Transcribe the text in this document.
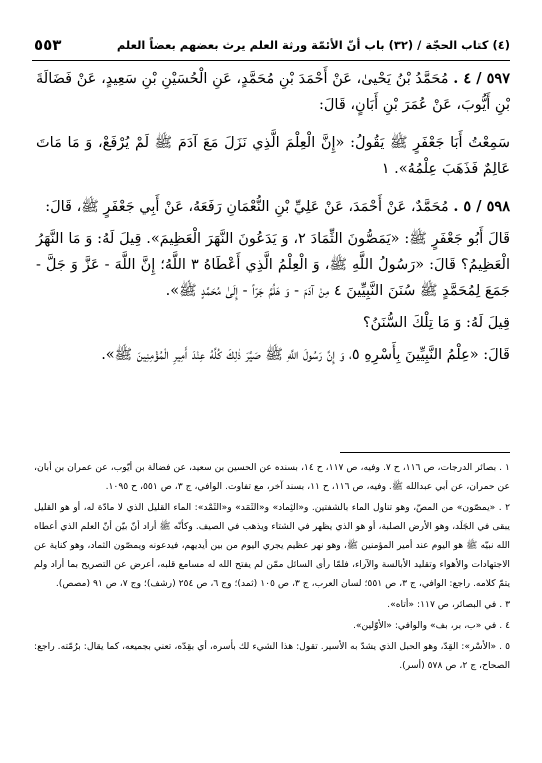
(٤) كتاب الحجّة / (٣٢) باب أنّ الأئمّة ورثة العلم يرث بعضهم بعضاً العلم
٥٥٣

٥٩٧ / ٤ . مُحَمَّدُ بْنُ يَحْيىٰ، عَنْ أَحْمَدَ بْنِ مُحَمَّدٍ، عَنِ الْحُسَيْنِ بْنِ سَعِيدٍ، عَنْ فَضَالَةَ بْنِ أَيُّوبَ، عَنْ عُمَرَ بْنِ أَبَانٍ، قَالَ:

سَمِعْتُ أَبَا جَعْفَرٍ ﷺ يَقُولُ: «إِنَّ الْعِلْمَ الَّذِي نَزَلَ مَعَ آدَمَ ﷺ لَمْ يُرْفَعْ، وَ مَا مَاتَ عَالِمٌ فَذَهَبَ عِلْمُهُ». ١

٥٩٨ / ٥ . مُحَمَّدٌ، عَنْ أَحْمَدَ، عَنْ عَلِيِّ بْنِ النُّعْمَانِ رَفَعَهُ، عَنْ أَبِي جَعْفَرٍ ﷺ، قَالَ:

قَالَ أَبُو جَعْفَرٍ ﷺ: «يَمَصُّونَ الثِّمَادَ ٢، وَ يَدَعُونَ النَّهَرَ الْعَظِيمَ». قِيلَ لَهُ: وَ مَا النَّهَرُ الْعَظِيمُ؟ قَالَ: «رَسُولُ اللَّهِ ﷺ، وَ الْعِلْمُ الَّذِي أَعْطَاهُ ٣ اللَّهُ؛ إِنَّ اللَّهَ - عَزَّ وَ جَلَّ - جَمَعَ لِمُحَمَّدٍ ﷺ سُنَنَ النَّبِيِّينَ ٤ مِنْ آدَمَ - وَ هَلُمَّ جَرّاً - إِلَىٰ مُحَمَّدٍ ﷺ».

قِيلَ لَهُ: وَ مَا تِلْكَ السُّنَنُ؟

قَالَ: «عِلْمُ النَّبِيِّينَ بِأَسْرِهِ ٥، وَ إِنَّ رَسُولَ اللَّهِ ﷺ صَيَّرَ ذٰلِكَ كُلَّهُ عِنْدَ أَمِيرِ الْمُؤْمِنِينَ ﷺ».

١ . بصائر الدرجات، ص ١١٦، ح ٧. وفيه، ص ١١٧، ح ١٤، بسنده عن الحسين بن سعيد، عن فضالة بن أيّوب، عن عمران بن أبان، عن حمران، عن أبي عبدالله ﷺ. وفيه، ص ١١٦، ح ١١، بسند آخر، مع تفاوت. الوافي، ج ٣، ص ٥٥١، ح ١٠٩٥.

٢ . «يمصّون» من المصّ، وهو تناول الماء بالشفتين. و«الثِماد» و«الثَمَد» و«الثَمْد»: الماء القليل الذي لا مادّة له، أو هو القليل يبقى في الجَلَد، وهو الأرض الصلبة، أو هو الذي يظهر في الشتاء ويذهب في الصيف. وكأنّه ﷺ أراد أنّ بيّن أنّ العلم الذي أعطاه الله نبيّه ﷺ هو اليوم عند أمير المؤمنين ﷺ، وهو نهر عظيم يجري اليوم من بين أيديهم، فيدعونه ويمصّون الثماد، وهو كناية عن الاجتهادات والأهواء وتقليد الأبالسة والآراء، فلمّا رأى السائل ممّن لم يفتح الله له مسامع قلبه، أعرض عن التصريح بما أراد ولم يتمّ كلامه. راجع: الوافي، ج ٣، ص ٥٥١؛ لسان العرب، ج ٣، ص ١٠٥ (ثمد)؛ وج ٦، ص ٢٥٤ (رشف)؛ وج ٧، ص ٩١ (مصص).

٣ . في البصائر، ص ١١٧: «أتاه».

٤ . في «ب، بر، بف» والوافي: «الأوّلين».

٥ . «الأسْر»: القِدّ، وهو الحبل الذي يشدّ به الأسير. تقول: هذا الشيء لك بأسره، أي بقِدّه، تعني بجميعه، كما يقال: برُمّته. راجع: الصحاح، ج ٢، ص ٥٧٨ (أسر).
